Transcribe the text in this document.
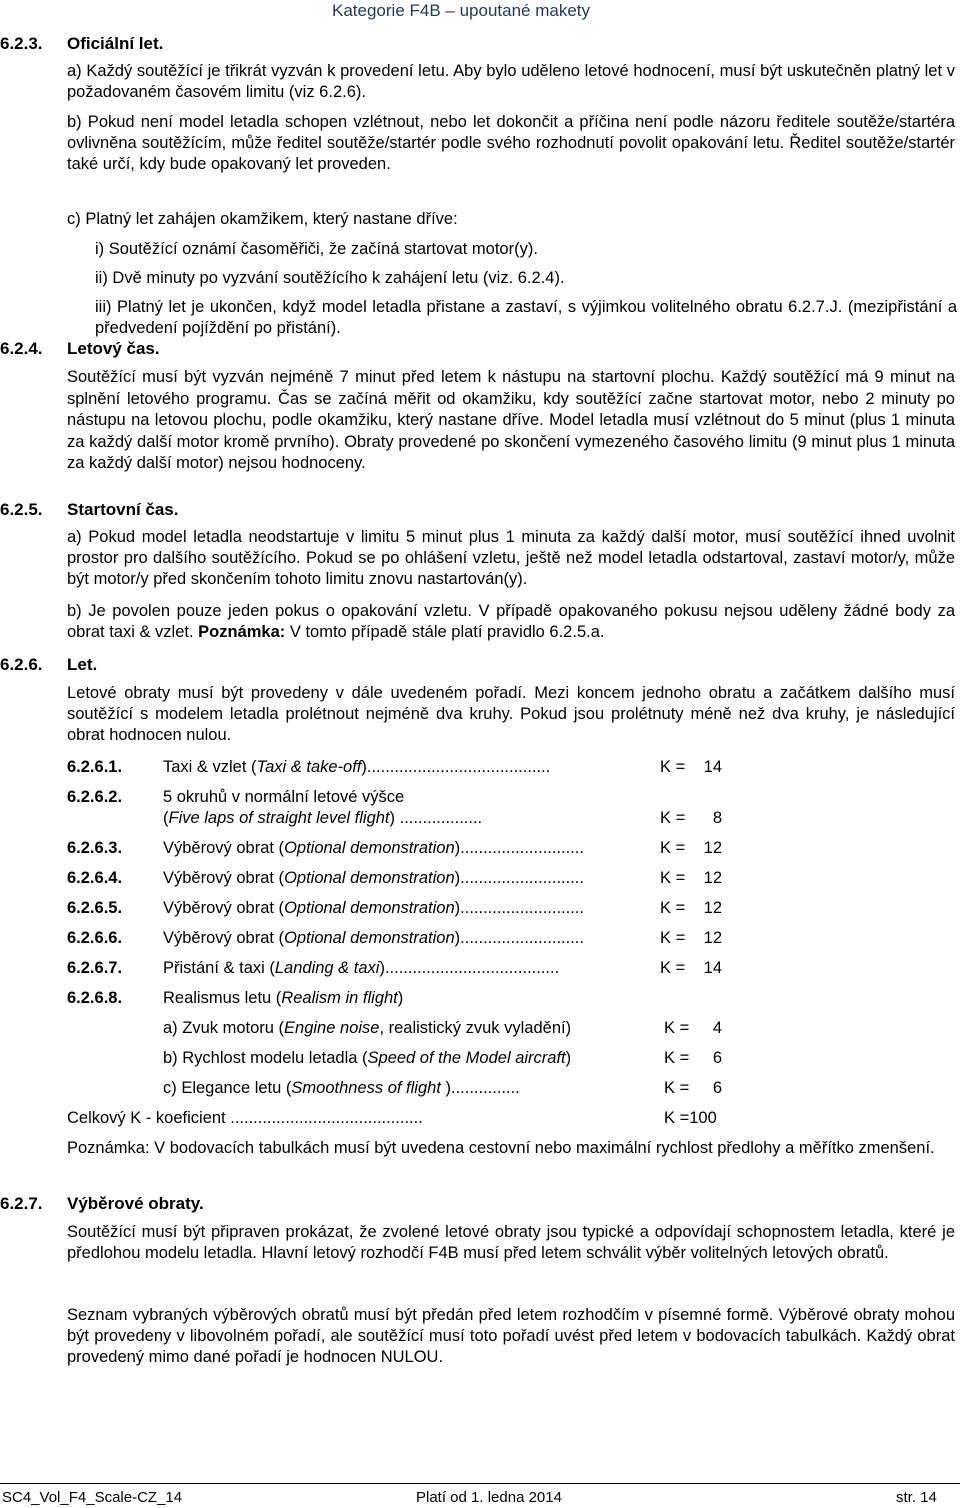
Kategorie F4B – upoutané makety
6.2.3. Oficiální let.
a) Každý soutěžící je třikrát vyzván k provedení letu. Aby bylo uděleno letové hodnocení, musí být uskutečněn platný let v požadovaném časovém limitu (viz 6.2.6).
b) Pokud není model letadla schopen vzlétnout, nebo let dokončit a příčina není podle názoru ředitele soutěže/startéra ovlivněna soutěžícím, může ředitel soutěže/startér podle svého rozhodnutí povolit opakování letu. Ředitel soutěže/startér také určí, kdy bude opakovaný let proveden.
c) Platný let zahájen okamžikem, který nastane dříve:
i) Soutěžící oznámí časoměřiči, že začíná startovat motor(y).
ii) Dvě minuty po vyzvání soutěžícího k zahájení letu (viz. 6.2.4).
iii) Platný let je ukončen, když model letadla přistane a zastaví, s výjimkou volitelného obratu 6.2.7.J. (mezipřistání a předvedení pojíždění po přistání).
6.2.4. Letový čas.
Soutěžící musí být vyzván nejméně 7 minut před letem k nástupu na startovní plochu. Každý soutěžící má 9 minut na splnění letového programu. Čas se začíná měřit od okamžiku, kdy soutěžící začne startovat motor, nebo 2 minuty po nástupu na letovou plochu, podle okamžiku, který nastane dříve. Model letadla musí vzlétnout do 5 minut (plus 1 minuta za každý další motor kromě prvního). Obraty provedené po skončení vymezeného časového limitu (9 minut plus 1 minuta za každý další motor) nejsou hodnoceny.
6.2.5. Startovní čas.
a) Pokud model letadla neodstartuje v limitu 5 minut plus 1 minuta za každý další motor, musí soutěžící ihned uvolnit prostor pro dalšího soutěžícího. Pokud se po ohlášení vzletu, ještě než model letadla odstartoval, zastaví motor/y, může být motor/y před skončením tohoto limitu znovu nastartován(y).
b) Je povolen pouze jeden pokus o opakování vzletu. V případě opakovaného pokusu nejsou uděleny žádné body za obrat taxi & vzlet. Poznámka: V tomto případě stále platí pravidlo 6.2.5.a.
6.2.6. Let.
Letové obraty musí být provedeny v dále uvedeném pořadí. Mezi koncem jednoho obratu a začátkem dalšího musí soutěžící s modelem letadla prolétnout nejméně dva kruhy. Pokud jsou prolétnuty méně než dva kruhy, je následující obrat hodnocen nulou.
6.2.6.1. Taxi & vzlet (Taxi & take-off)........................................	K = 14
6.2.6.2. 5 okruhů v normální letové výšce
(Five laps of straight level flight) ..................	K =	8
6.2.6.3. Výběrový obrat (Optional demonstration)...........................	K = 12
6.2.6.4. Výběrový obrat (Optional demonstration)...........................	K = 12
6.2.6.5. Výběrový obrat (Optional demonstration)...........................	K = 12
6.2.6.6. Výběrový obrat (Optional demonstration)...........................	K = 12
6.2.6.7. Přistání & taxi (Landing & taxi)......................................	K = 14
6.2.6.8. Realismus letu (Realism in flight)
a) Zvuk motoru (Engine noise, realistický zvuk vyladění)	K =	4
b) Rychlost modelu letadla (Speed of the Model aircraft)	K =	6
c) Elegance letu (Smoothness of flight )...............	K =	6
Celkový K - koeficient ..........................................	K =100
Poznámka: V bodovacích tabulkách musí být uvedena cestovní nebo maximální rychlost předlohy a měřítko zmenšení.
6.2.7. Výběrové obraty.
Soutěžící musí být připraven prokázat, že zvolené letové obraty jsou typické a odpovídají schopnostem letadla, které je předlohou modelu letadla. Hlavní letový rozhodčí F4B musí před letem schválit výběr volitelných letových obratů.
Seznam vybraných výběrových obratů musí být předán před letem rozhodčím v písemné formě. Výběrové obraty mohou být provedeny v libovolném pořadí, ale soutěžící musí toto pořadí uvést před letem v bodovacích tabulkách. Každý obrat provedený mimo dané pořadí je hodnocen NULOU.
SC4_Vol_F4_Scale-CZ_14	Platí od 1. ledna 2014	str. 14
